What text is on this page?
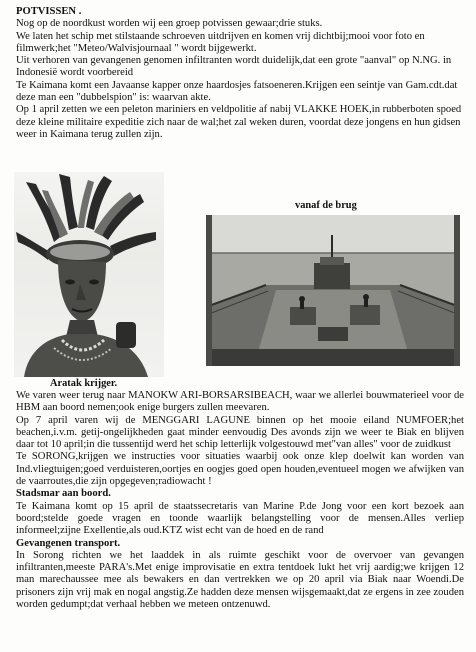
POTVISSEN .

Nog op de noordkust worden wij een groep potvissen gewaar;drie stuks.

We laten het schip met stilstaande schroeven uitdrijven en komen vrij dichtbij;mooi voor foto en filmwerk;het "Meteo/Walvisjournaal " wordt bijgewerkt.

Uit verhoren van gevangenen genomen infiltranten wordt duidelijk,dat een grote "aanval" op N.NG. in Indonesië wordt voorbereid

Te Kaimana komt een Javaanse kapper onze haardosjes fatsoeneren.Krijgen een seintje van Gam.cdt.dat deze man een "dubbelspion" is: waarvan akte.

Op 1 april zetten we een peleton mariniers en veldpolitie af nabij VLAKKE HOEK,in rubberboten spoed deze kleine militaire expeditie zich naar de wal;het zal weken duren, voordat deze jongens en hun gidsen weer in Kaimana terug zullen zijn.

Aratak krijger.
vanaf de brug

We varen weer terug naar MANOKW ARI-BORSARSIBEACH, waar we allerlei bouwmaterieel voor de HBM aan boord nemen;ook enige burgers zullen meevaren.

Op 7 april varen wij de MENGGARI LAGUNE binnen op het mooie eiland NUMFOER;het beachen,i.v.m. getij-ongelijkheden gaat minder eenvoudig Des avonds zijn we weer te Biak en blijven daar tot 10 april;in die tussentijd werd het schip letterlijk volgestouwd met"van alles" voor de zuidkust

Te SORONG,krijgen we instructies voor situaties waarbij ook onze klep doelwit kan worden van Ind.vliegtuigen;goed verduisteren,oortjes en oogjes goed open houden,eventueel mogen we afwijken van de vaarroutes,die zijn opgegeven;radiowacht !

Stadsmar aan boord.

Te Kaimana komt op 15 april de staatssecretaris van Marine P.de Jong voor een kort bezoek aan boord;stelde goede vragen en toonde waarlijk belangstelling voor de mensen.Alles verliep informeel;zijne Exellentie,als oud.KTZ wist echt van de hoed en de rand

Gevangenen transport.

In Sorong richten we het laaddek in als ruimte geschikt voor de overvoer van gevangen infiltranten,meeste PARA's.Met enige improvisatie en extra tentdoek lukt het vrij aardig;we krijgen 12 man marechaussee mee als bewakers en dan vertrekken we op 20 april via Biak naar Woendi.De prisoners zijn vrij mak en nogal angstig.Ze hadden deze mensen wijsgemaakt,dat ze ergens in zee zouden worden gedumpt;dat verhaal hebben we meteen ontzenuwd.
